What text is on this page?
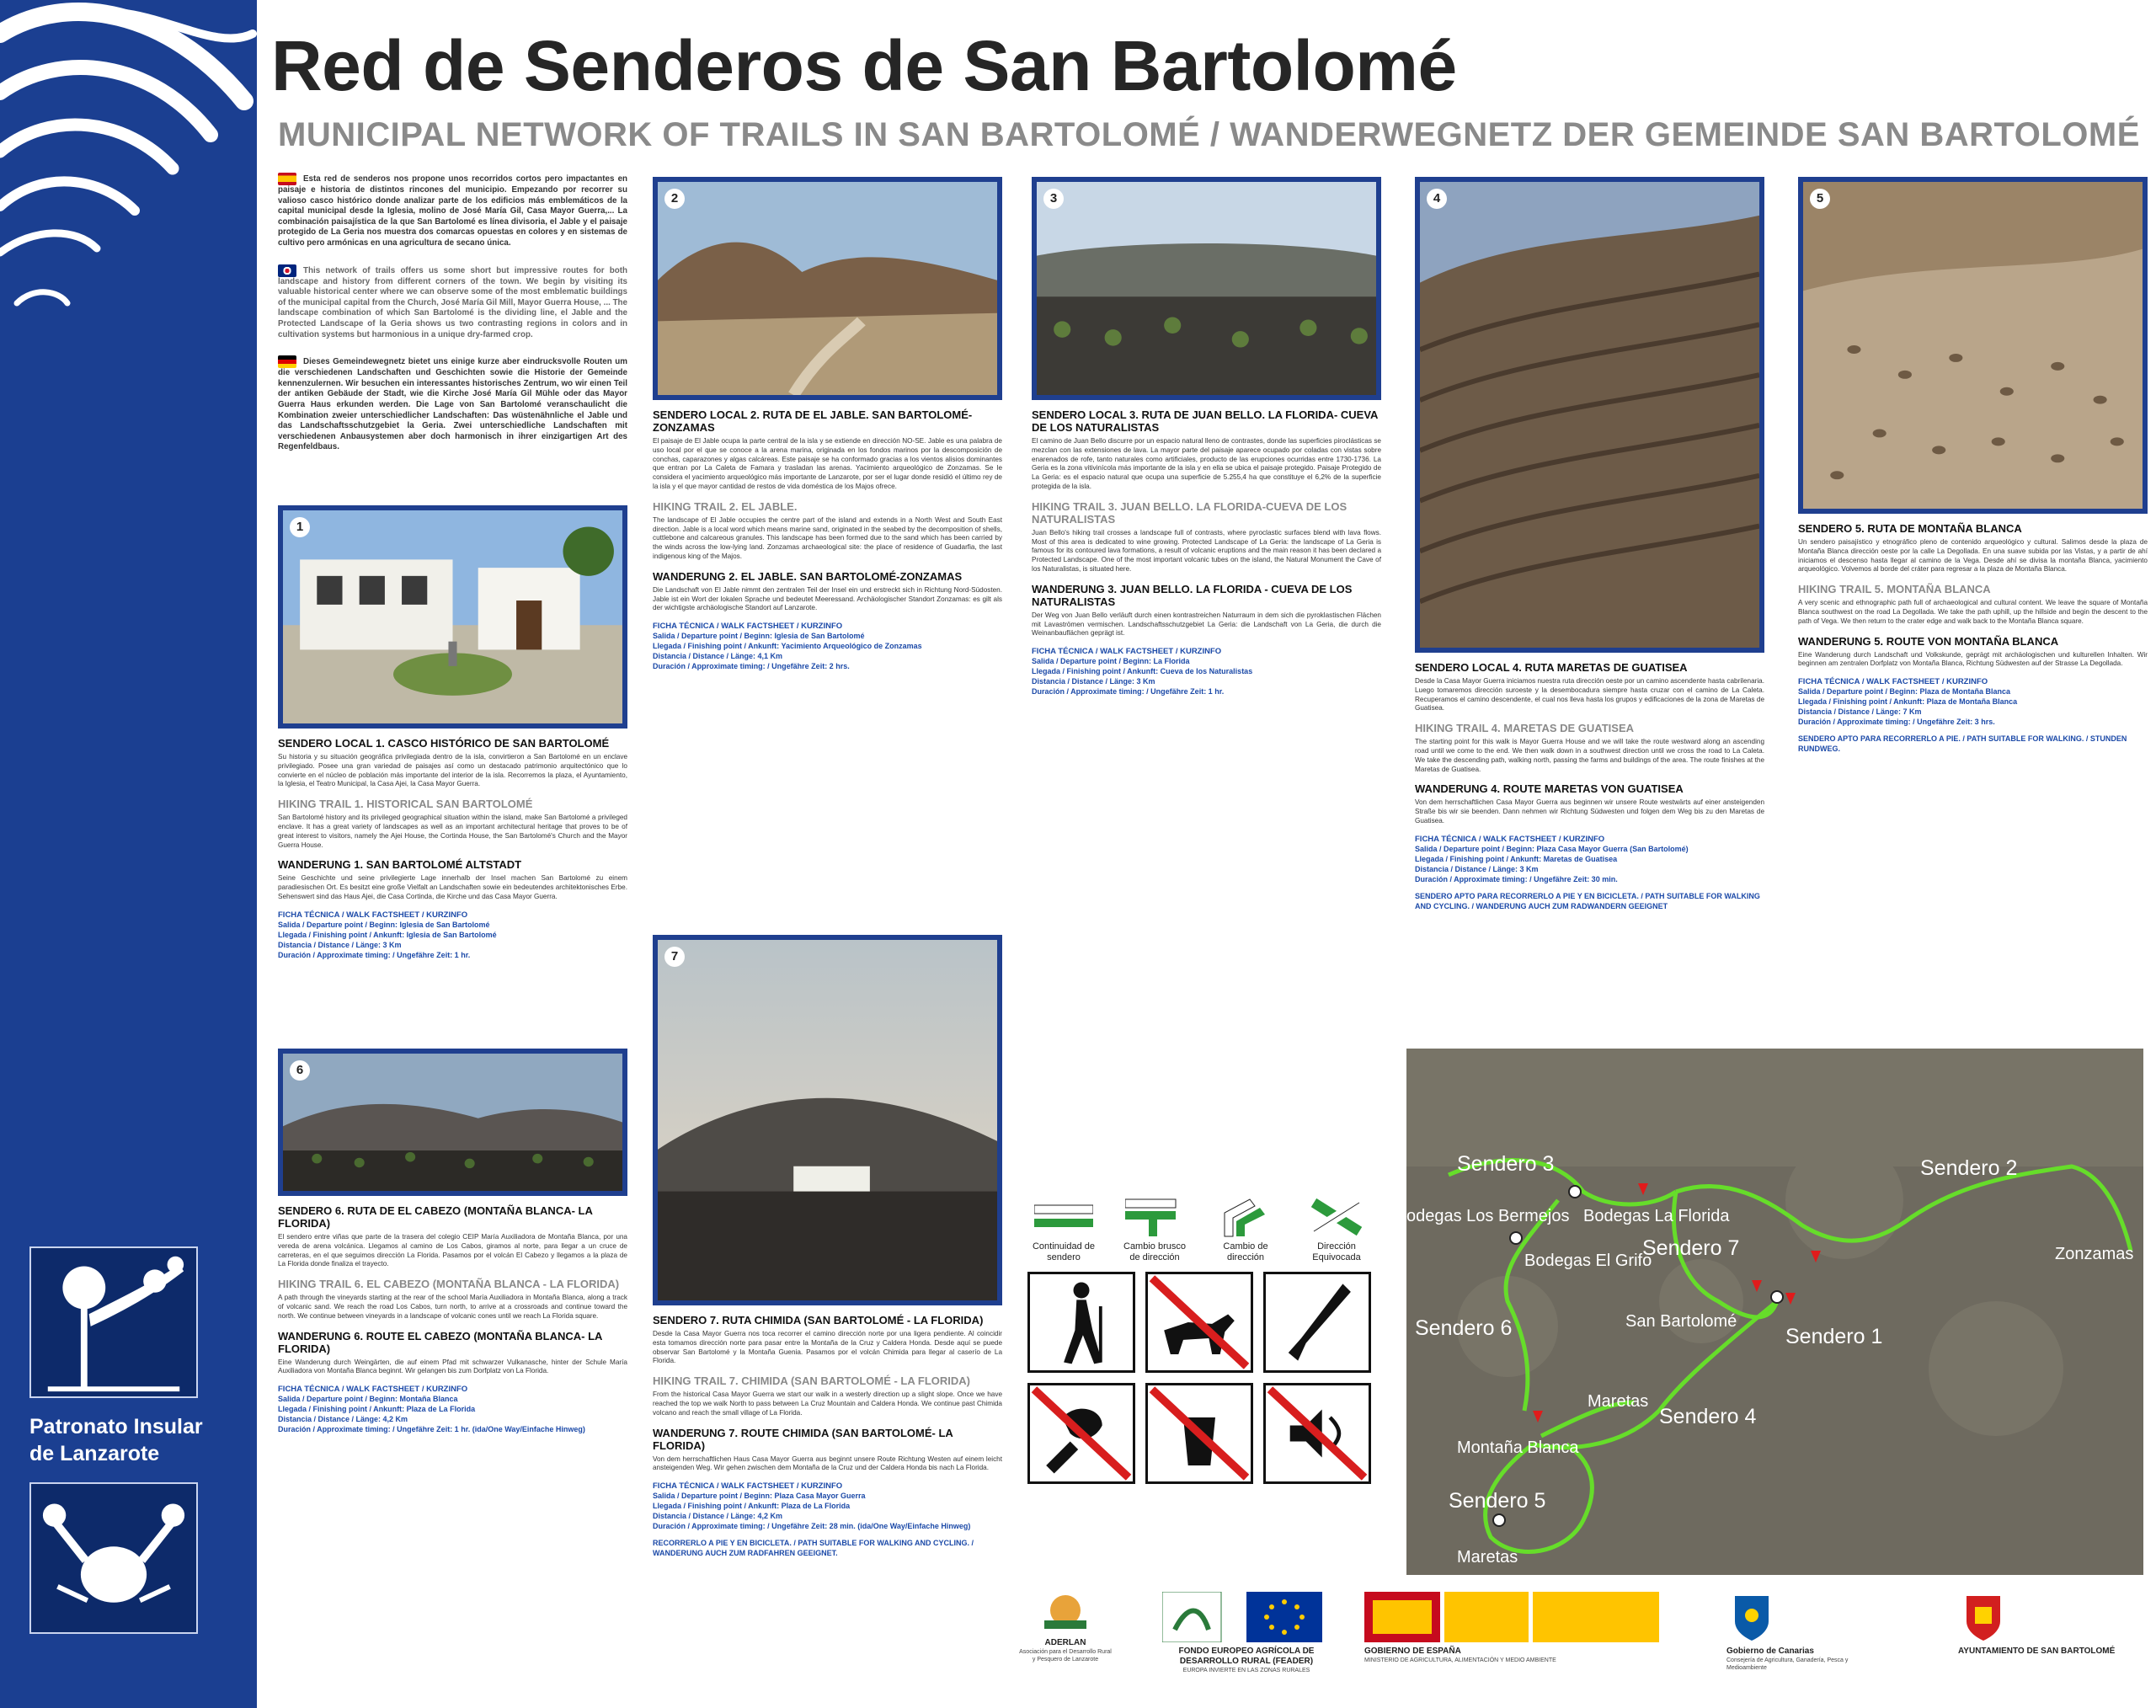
Patronato Insular de Lanzarote
Red de Senderos de San Bartolomé
MUNICIPAL NETWORK OF TRAILS IN SAN BARTOLOMÉ / WANDERWEGNETZ DER GEMEINDE SAN BARTOLOMÉ

Esta red de senderos nos propone unos recorridos cortos pero impactantes en paisaje e historia de distintos rincones del municipio. Empezando por recorrer su valioso casco histórico donde analizar parte de los edificios más emblemáticos de la capital municipal desde la Iglesia, molino de José María Gil, Casa Mayor Guerra,... La combinación paisajística de la que San Bartolomé es línea divisoria, el Jable y el paisaje protegido de La Geria nos muestra dos comarcas opuestas en colores y en sistemas de cultivo pero armónicas en una agricultura de secano única.

This network of trails offers us some short but impressive routes for both landscape and history from different corners of the town. We begin by visiting its valuable historical center where we can observe some of the most emblematic buildings of the municipal capital from the Church, José María Gil Mill, Mayor Guerra House, ... The landscape combination of which San Bartolomé is the dividing line, el Jable and the Protected Landscape of la Geria shows us two contrasting regions in colors and in cultivation systems but harmonious in a unique dry-farmed crop.

Dieses Gemeindewegnetz bietet uns einige kurze aber eindrucksvolle Routen um die verschiedenen Landschaften und Geschichten sowie die Historie der Gemeinde kennenzulernen. Wir besuchen ein interessantes historisches Zentrum, wo wir einen Teil der antiken Gebäude der Stadt, wie die Kirche José María Gil Mühle oder das Mayor Guerra Haus erkunden werden. Die Lage von San Bartolomé veranschaulicht die Kombination zweier unterschiedlicher Landschaften: Das wüstenähnliche el Jable und das Landschaftsschutzgebiet la Geria. Zwei unterschiedliche Landschaften mit verschiedenen Anbausystemen aber doch harmonisch in ihrer einzigartigen Art des Regenfeldbaus.

1
SENDERO LOCAL 1. CASCO HISTÓRICO DE SAN BARTOLOMÉ

Su historia y su situación geográfica privilegiada dentro de la isla, convirtieron a San Bartolomé en un enclave privilegiado. Posee una gran variedad de paisajes así como un destacado patrimonio arquitectónico que lo convierte en el núcleo de población más importante del interior de la isla. Recorremos la plaza, el Ayuntamiento, la Iglesia, el Teatro Municipal, la Casa Ajei, la Casa Mayor Guerra.

HIKING TRAIL 1. HISTORICAL SAN BARTOLOMÉ

San Bartolomé history and its privileged geographical situation within the island, make San Bartolomé a privileged enclave. It has a great variety of landscapes as well as an important architectural heritage that proves to be of great interest to visitors, namely the Ajei House, the Cortinda House, the San Bartolomé's Church and the Mayor Guerra House.

WANDERUNG 1. SAN BARTOLOMÉ ALTSTADT

Seine Geschichte und seine privilegierte Lage innerhalb der Insel machen San Bartolomé zu einem paradiesischen Ort. Es besitzt eine große Vielfalt an Landschaften sowie ein bedeutendes architektonisches Erbe. Sehenswert sind das Haus Ajei, die Casa Cortinda, die Kirche und das Casa Mayor Guerra.

FICHA TÉCNICA / WALK FACTSHEET / KURZINFO
Salida / Departure point / Beginn: Iglesia de San Bartolomé
Llegada / Finishing point / Ankunft: Iglesia de San Bartolomé
Distancia / Distance / Länge: 3 Km
Duración / Approximate timing: / Ungefähre Zeit: 1 hr.
6
SENDERO 6. RUTA DE EL CABEZO (MONTAÑA BLANCA- LA FLORIDA)

El sendero entre viñas que parte de la trasera del colegio CEIP María Auxiliadora de Montaña Blanca, por una vereda de arena volcánica. Llegamos al camino de Los Cabos, giramos al norte, para llegar a un cruce de carreteras, en el que seguimos dirección La Florida. Pasamos por el volcán El Cabezo y llegamos a la plaza de La Florida donde finaliza el trayecto.

HIKING TRAIL 6. EL CABEZO (MONTAÑA BLANCA - LA FLORIDA)

A path through the vineyards starting at the rear of the school María Auxiliadora in Montaña Blanca, along a track of volcanic sand. We reach the road Los Cabos, turn north, to arrive at a crossroads and continue toward the north. We continue between vineyards in a landscape of volcanic cones until we reach La Florida square.

WANDERUNG 6. ROUTE EL CABEZO (MONTAÑA BLANCA- LA FLORIDA)

Eine Wanderung durch Weingärten, die auf einem Pfad mit schwarzer Vulkanasche, hinter der Schule María Auxiliadora von Montaña Blanca beginnt. Wir gelangen bis zum Dorfplatz von La Florida.

FICHA TÉCNICA / WALK FACTSHEET / KURZINFO
Salida / Departure point / Beginn: Montaña Blanca
Llegada / Finishing point / Ankunft: Plaza de La Florida
Distancia / Distance / Länge: 4,2 Km
Duración / Approximate timing: / Ungefähre Zeit: 1 hr. (ida/One Way/Einfache Hinweg)
2
SENDERO LOCAL 2. RUTA DE EL JABLE. SAN BARTOLOMÉ- ZONZAMAS

El paisaje de El Jable ocupa la parte central de la isla y se extiende en dirección NO-SE. Jable es una palabra de uso local por el que se conoce a la arena marina, originada en los fondos marinos por la descomposición de conchas, caparazones y algas calcáreas. Este paisaje se ha conformado gracias a los vientos alisios dominantes que entran por La Caleta de Famara y trasladan las arenas. Yacimiento arqueológico de Zonzamas. Se le considera el yacimiento arqueológico más importante de Lanzarote, por ser el lugar donde residió el último rey de la isla y el que mayor cantidad de restos de vida doméstica de los Majos ofrece.

HIKING TRAIL 2. EL JABLE.

The landscape of El Jable occupies the centre part of the island and extends in a North West and South East direction. Jable is a local word which means marine sand, originated in the seabed by the decomposition of shells, cuttlebone and calcareous granules. This landscape has been formed due to the sand which has been carried by the winds across the low-lying land. Zonzamas archaeological site: the place of residence of Guadarfia, the last indigenous king of the Majos.

WANDERUNG 2. EL JABLE. SAN BARTOLOMÉ-ZONZAMAS

Die Landschaft von El Jable nimmt den zentralen Teil der Insel ein und erstreckt sich in Richtung Nord-Südosten. Jable ist ein Wort der lokalen Sprache und bedeutet Meeressand. Archäologischer Standort Zonzamas: es gilt als der wichtigste archäologische Standort auf Lanzarote.

FICHA TÉCNICA / WALK FACTSHEET / KURZINFO
Salida / Departure point / Beginn: Iglesia de San Bartolomé
Llegada / Finishing point / Ankunft: Yacimiento Arqueológico de Zonzamas
Distancia / Distance / Länge: 4,1 Km
Duración / Approximate timing: / Ungefähre Zeit: 2 hrs.
7
SENDERO 7. RUTA CHIMIDA (SAN BARTOLOMÉ - LA FLORIDA)

Desde la Casa Mayor Guerra nos toca recorrer el camino dirección norte por una ligera pendiente. Al coincidir esta tomamos dirección norte para pasar entre la Montaña de la Cruz y Caldera Honda. Desde aquí se puede observar San Bartolomé y la Montaña Guenia. Pasamos por el volcán Chimida para llegar al caserío de La Florida.

HIKING TRAIL 7. CHIMIDA (SAN BARTOLOMÉ - LA FLORIDA)

From the historical Casa Mayor Guerra we start our walk in a westerly direction up a slight slope. Once we have reached the top we walk North to pass between La Cruz Mountain and Caldera Honda. We continue past Chimida volcano and reach the small village of La Florida.

WANDERUNG 7. ROUTE CHIMIDA (SAN BARTOLOMÉ- LA FLORIDA)

Von dem herrschaftlichen Haus Casa Mayor Guerra aus beginnt unsere Route Richtung Westen auf einem leicht ansteigenden Weg. Wir gehen zwischen dem Montaña de la Cruz und der Caldera Honda bis nach La Florida.

FICHA TÉCNICA / WALK FACTSHEET / KURZINFO
Salida / Departure point / Beginn: Plaza Casa Mayor Guerra
Llegada / Finishing point / Ankunft: Plaza de La Florida
Distancia / Distance / Länge: 4,2 Km
Duración / Approximate timing: / Ungefähre Zeit: 28 min. (ida/One Way/Einfache Hinweg)
RECORRERLO A PIE Y EN BICICLETA. / PATH SUITABLE FOR WALKING AND CYCLING. / WANDERUNG AUCH ZUM RADFAHREN GEEIGNET.
3
SENDERO LOCAL 3. RUTA DE JUAN BELLO. LA FLORIDA- CUEVA DE LOS NATURALISTAS

El camino de Juan Bello discurre por un espacio natural lleno de contrastes, donde las superficies piroclásticas se mezclan con las extensiones de lava. La mayor parte del paisaje aparece ocupado por coladas con vistas sobre enarenados de rofe, tanto naturales como artificiales, producto de las erupciones ocurridas entre 1730-1736. La Geria es la zona vitivinícola más importante de la isla y en ella se ubica el paisaje protegido. Paisaje Protegido de La Geria: es el espacio natural que ocupa una superficie de 5.255,4 ha que constituye el 6,2% de la superficie protegida de la isla.

HIKING TRAIL 3. JUAN BELLO. LA FLORIDA-CUEVA DE LOS NATURALISTAS

Juan Bello's hiking trail crosses a landscape full of contrasts, where pyroclastic surfaces blend with lava flows. Most of this area is dedicated to wine growing. Protected Landscape of La Geria: the landscape of La Geria is famous for its contoured lava formations, a result of volcanic eruptions and the main reason it has been declared a Protected Landscape. One of the most important volcanic tubes on the island, the Natural Monument the Cave of los Naturalistas, is situated here.

WANDERUNG 3. JUAN BELLO. LA FLORIDA - CUEVA DE LOS NATURALISTAS

Der Weg von Juan Bello verläuft durch einen kontrastreichen Naturraum in dem sich die pyroklastischen Flächen mit Lavaströmen vermischen. Landschaftsschutzgebiet La Geria: die Landschaft von La Geria, die durch die Weinanbauflächen geprägt ist.

FICHA TÉCNICA / WALK FACTSHEET / KURZINFO
Salida / Departure point / Beginn: La Florida
Llegada / Finishing point / Ankunft: Cueva de los Naturalistas
Distancia / Distance / Länge: 3 Km
Duración / Approximate timing: / Ungefähre Zeit: 1 hr.
Continuidad de sendero
Cambio brusco de dirección
Cambio de dirección
Dirección Equivocada
4
SENDERO LOCAL 4. RUTA MARETAS DE GUATISEA

Desde la Casa Mayor Guerra iniciamos nuestra ruta dirección oeste por un camino ascendente hasta cabrilenaria. Luego tomaremos dirección suroeste y la desembocadura siempre hasta cruzar con el camino de La Caleta. Recuperamos el camino descendente, el cual nos lleva hasta los grupos y edificaciones de la zona de Maretas de Guatisea.

HIKING TRAIL 4. MARETAS DE GUATISEA

The starting point for this walk is Mayor Guerra House and we will take the route westward along an ascending road until we come to the end. We then walk down in a southwest direction until we cross the road to La Caleta. We take the descending path, walking north, passing the farms and buildings of the area. The route finishes at the Maretas de Guatisea.

WANDERUNG 4. ROUTE MARETAS VON GUATISEA

Von dem herrschaftlichen Casa Mayor Guerra aus beginnen wir unsere Route westwärts auf einer ansteigenden Straße bis wir sie beenden. Dann nehmen wir Richtung Südwesten und folgen dem Weg bis zu den Maretas de Guatisea.

FICHA TÉCNICA / WALK FACTSHEET / KURZINFO
Salida / Departure point / Beginn: Plaza Casa Mayor Guerra (San Bartolomé)
Llegada / Finishing point / Ankunft: Maretas de Guatisea
Distancia / Distance / Länge: 3 Km
Duración / Approximate timing: / Ungefähre Zeit: 30 min.
SENDERO APTO PARA RECORRERLO A PIE Y EN BICICLETA. / PATH SUITABLE FOR WALKING AND CYCLING. / WANDERUNG AUCH ZUM RADWANDERN GEEIGNET
5
SENDERO 5. RUTA DE MONTAÑA BLANCA

Un sendero paisajístico y etnográfico pleno de contenido arqueológico y cultural. Salimos desde la plaza de Montaña Blanca dirección oeste por la calle La Degollada. En una suave subida por las Vistas, y a partir de ahí iniciamos el descenso hasta llegar al camino de la Vega. Desde ahí se divisa la montaña Blanca, yacimiento arqueológico. Volvemos al borde del cráter para regresar a la plaza de Montaña Blanca.

HIKING TRAIL 5. MONTAÑA BLANCA

A very scenic and ethnographic path full of archaeological and cultural content. We leave the square of Montaña Blanca southwest on the road La Degollada. We take the path uphill, up the hillside and begin the descent to the path of Vega. We then return to the crater edge and walk back to the Montaña Blanca square.

WANDERUNG 5. ROUTE VON MONTAÑA BLANCA

Eine Wanderung durch Landschaft und Volkskunde, geprägt mit archäologischen und kulturellen Inhalten. Wir beginnen am zentralen Dorfplatz von Montaña Blanca, Richtung Südwesten auf der Strasse La Degollada.

FICHA TÉCNICA / WALK FACTSHEET / KURZINFO
Salida / Departure point / Beginn: Plaza de Montaña Blanca
Llegada / Finishing point / Ankunft: Plaza de Montaña Blanca
Distancia / Distance / Länge: 7 Km
Duración / Approximate timing: / Ungefähre Zeit: 3 hrs.
SENDERO APTO PARA RECORRERLO A PIE. / PATH SUITABLE FOR WALKING. / STUNDEN RUNDWEG.
Sendero 3	Sendero 2
odegas Los Bermejos Bodegas La Florida
Sendero 7	Zonzamas
Bodegas El Grifo
San Bartolomé
Sendero 6	Sendero 1
Maretas
Sendero 4
Montaña Blanca
Sendero 5
Maretas
ADERLAN
Asociación para el Desarrollo Rural y Pesquero de Lanzarote
FONDO EUROPEO AGRÍCOLA DE DESARROLLO RURAL (FEADER)
EUROPA INVIERTE EN LAS ZONAS RURALES
GOBIERNO DE ESPAÑA
MINISTERIO DE AGRICULTURA, ALIMENTACIÓN Y MEDIO AMBIENTE
Gobierno de Canarias
Consejería de Agricultura, Ganadería, Pesca y Medioambiente
AYUNTAMIENTO DE SAN BARTOLOMÉ
